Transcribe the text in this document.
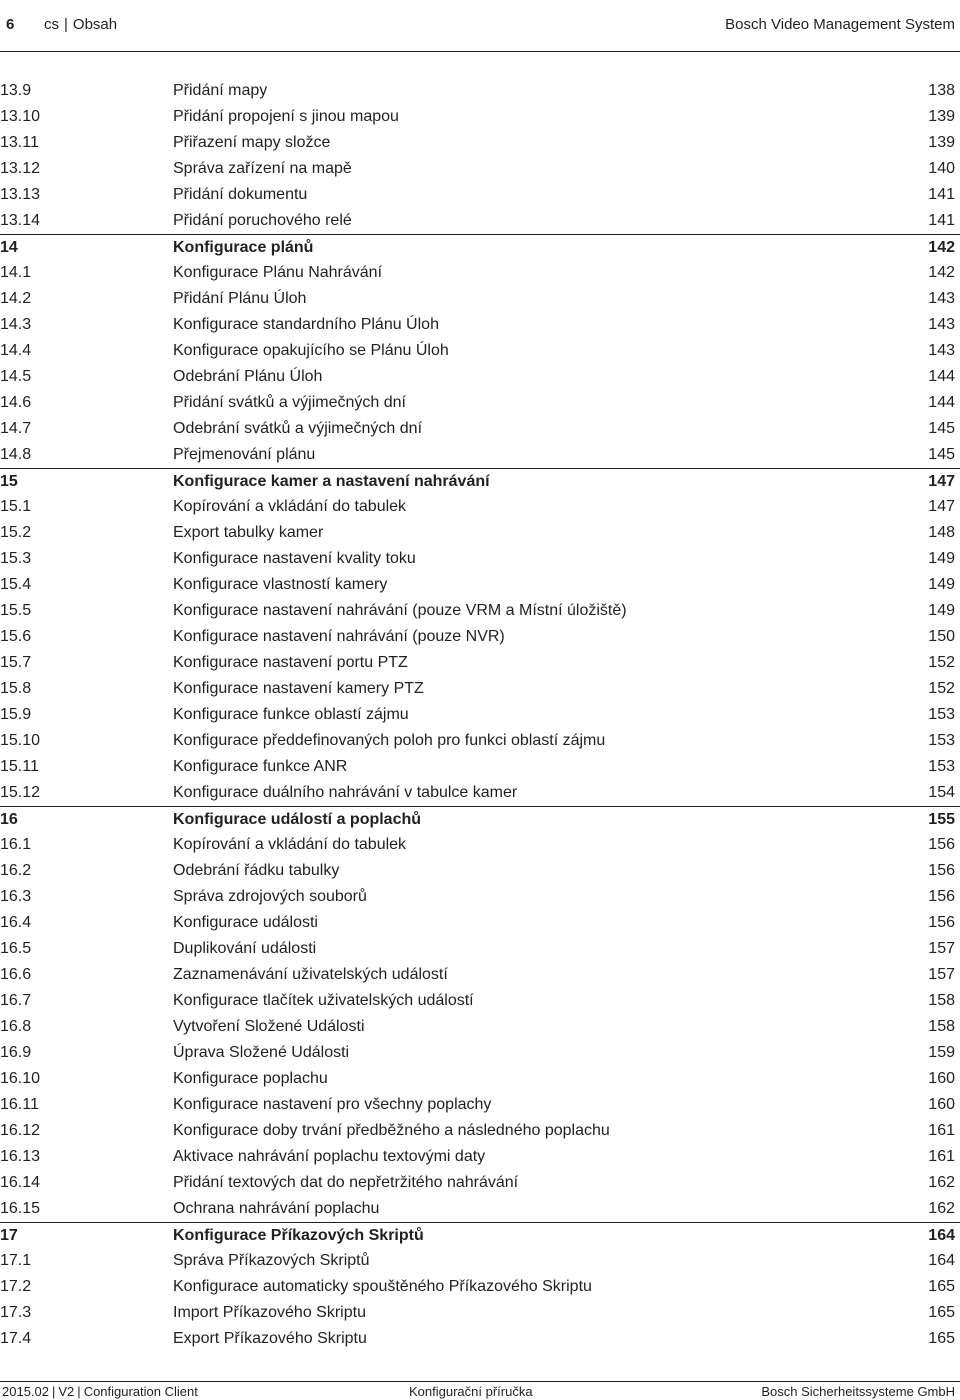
6 cs | Obsah	Bosch Video Management System
13.9	Přidání mapy	138
13.10	Přidání propojení s jinou mapou	139
13.11	Přiřazení mapy složce	139
13.12	Správa zařízení na mapě	140
13.13	Přidání dokumentu	141
13.14	Přidání poruchového relé	141
14	Konfigurace plánů	142
14.1	Konfigurace Plánu Nahrávání	142
14.2	Přidání Plánu Úloh	143
14.3	Konfigurace standardního Plánu Úloh	143
14.4	Konfigurace opakujícího se Plánu Úloh	143
14.5	Odebrání Plánu Úloh	144
14.6	Přidání svátků a výjimečných dní	144
14.7	Odebrání svátků a výjimečných dní	145
14.8	Přejmenování plánu	145
15	Konfigurace kamer a nastavení nahrávání	147
15.1	Kopírování a vkládání do tabulek	147
15.2	Export tabulky kamer	148
15.3	Konfigurace nastavení kvality toku	149
15.4	Konfigurace vlastností kamery	149
15.5	Konfigurace nastavení nahrávání (pouze VRM a Místní úložiště)	149
15.6	Konfigurace nastavení nahrávání (pouze NVR)	150
15.7	Konfigurace nastavení portu PTZ	152
15.8	Konfigurace nastavení kamery PTZ	152
15.9	Konfigurace funkce oblastí zájmu	153
15.10	Konfigurace předdefinovaných poloh pro funkci oblastí zájmu	153
15.11	Konfigurace funkce ANR	153
15.12	Konfigurace duálního nahrávání v tabulce kamer	154
16	Konfigurace událostí a poplachů	155
16.1	Kopírování a vkládání do tabulek	156
16.2	Odebrání řádku tabulky	156
16.3	Správa zdrojových souborů	156
16.4	Konfigurace události	156
16.5	Duplikování události	157
16.6	Zaznamenávání uživatelských událostí	157
16.7	Konfigurace tlačítek uživatelských událostí	158
16.8	Vytvoření Složené Události	158
16.9	Úprava Složené Události	159
16.10	Konfigurace poplachu	160
16.11	Konfigurace nastavení pro všechny poplachy	160
16.12	Konfigurace doby trvání předběžného a následného poplachu	161
16.13	Aktivace nahrávání poplachu textovými daty	161
16.14	Přidání textových dat do nepřetržitého nahrávání	162
16.15	Ochrana nahrávání poplachu	162
17	Konfigurace Příkazových Skriptů	164
17.1	Správa Příkazových Skriptů	164
17.2	Konfigurace automaticky spouštěného Příkazového Skriptu	165
17.3	Import Příkazového Skriptu	165
17.4	Export Příkazového Skriptu	165
2015.02 | V2 | Configuration Client	Konfigurační příručka	Bosch Sicherheitssysteme GmbH
